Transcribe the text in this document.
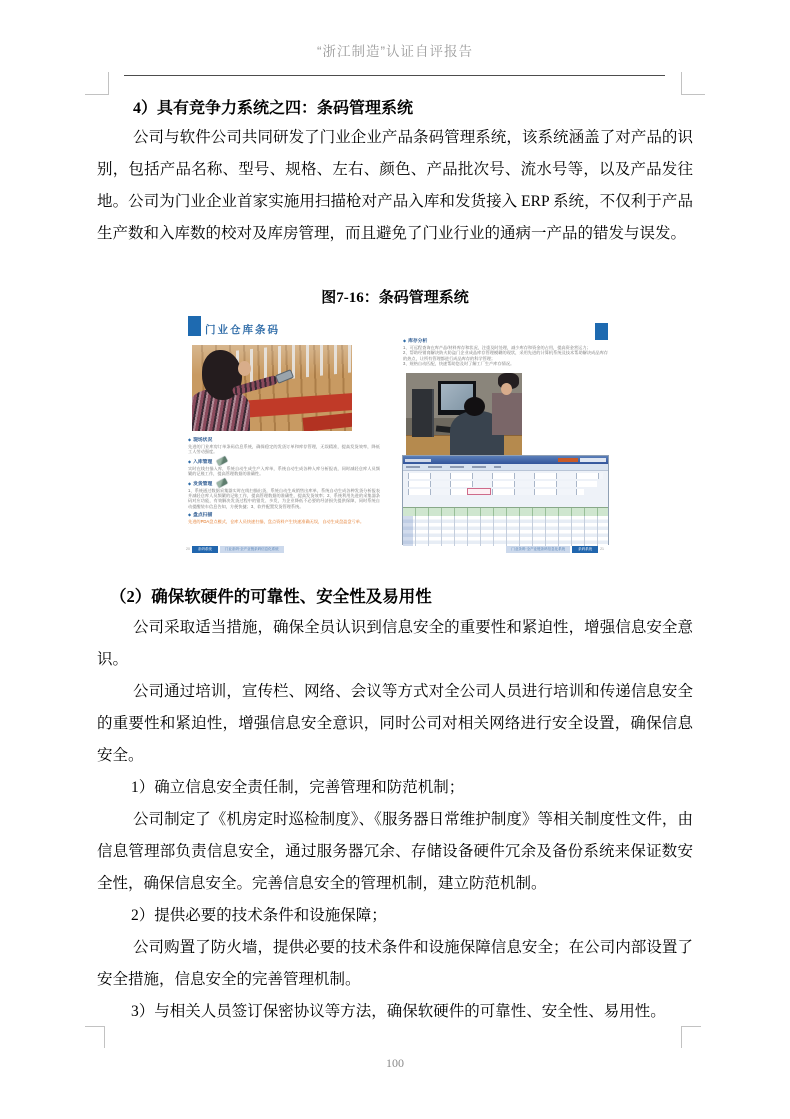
“浙江制造”认证自评报告
4）具有竞争力系统之四：条码管理系统
公司与软件公司共同研发了门业企业产品条码管理系统，该系统涵盖了对产品的识别，包括产品名称、型号、规格、左右、颜色、产品批次号、流水号等，以及产品发往地。公司为门业企业首家实施用扫描枪对产品入库和发货接入 ERP 系统，不仅利于产品生产数和入库数的校对及库房管理，而且避免了门业行业的通病一产品的错发与误发。
图7-16：条码管理系统
门业仓库条码
◆ 现场状况
先进的门业库房订单条码信息系统，确保稳定的发货订单和库存管理，无误精准，提高发货效率，降低工人劳动强度。
◆ 入库管理
实时在线扫描入库，系统自动生成生产入库单，系统自动生成各种入库分析报表，同时减轻仓库人员频繁的记账工作，提高管理数据的准确性。
◆ 发货管理
1、系统通过数据采集器实时在线扫描出货，系统自动生成销售出库单，系统自动生成各种发货分析报表并减轻仓库人员频繁的记账工作，提高管理数据的准确性，提高发货效率；2、系统利用先进的采集器条码对应功能，有效解决发货过程中的错发、多发，为企业降低不必要的经济损失提供保障，同时系统自动提醒装车信息告知，方便快捷；3、软件配置发货管理系统。
◆ 盘点扫描
先进的PDA盘点模式，仓库人员快速扫描，盘点资料产生快速准确无误，自动生成盘盈盘亏单。
20	条码系统	门业条码·全产业链条码信息化系统
◆ 库存分析
1、可远程查询在库产品/材料库存和状况，注重及时处理，减少库存和资金的占用，提高资金营运力；
2、帮助经销商解决防火防盗门企业成品库存管理模糊的现状，采用先进的计算机系统及技术帮助解决成品库存的热点，让所有管理都进行成品库存的科学管理；
3、规格自动匹配，快速帮助您及时了解工厂生产库存情况。
门业条码·全产业链条码信息化系统	条码系统	21
（2）确保软硬件的可靠性、安全性及易用性
公司采取适当措施，确保全员认识到信息安全的重要性和紧迫性，增强信息安全意识。
公司通过培训，宣传栏、网络、会议等方式对全公司人员进行培训和传递信息安全的重要性和紧迫性，增强信息安全意识，同时公司对相关网络进行安全设置，确保信息安全。
1）确立信息安全责任制，完善管理和防范机制；
公司制定了《机房定时巡检制度》、《服务器日常维护制度》等相关制度性文件，由信息管理部负责信息安全，通过服务器冗余、存储设备硬件冗余及备份系统来保证数安全性，确保信息安全。完善信息安全的管理机制，建立防范机制。
2）提供必要的技术条件和设施保障；
公司购置了防火墙，提供必要的技术条件和设施保障信息安全；在公司内部设置了安全措施，信息安全的完善管理机制。
3）与相关人员签订保密协议等方法，确保软硬件的可靠性、安全性、易用性。
100
